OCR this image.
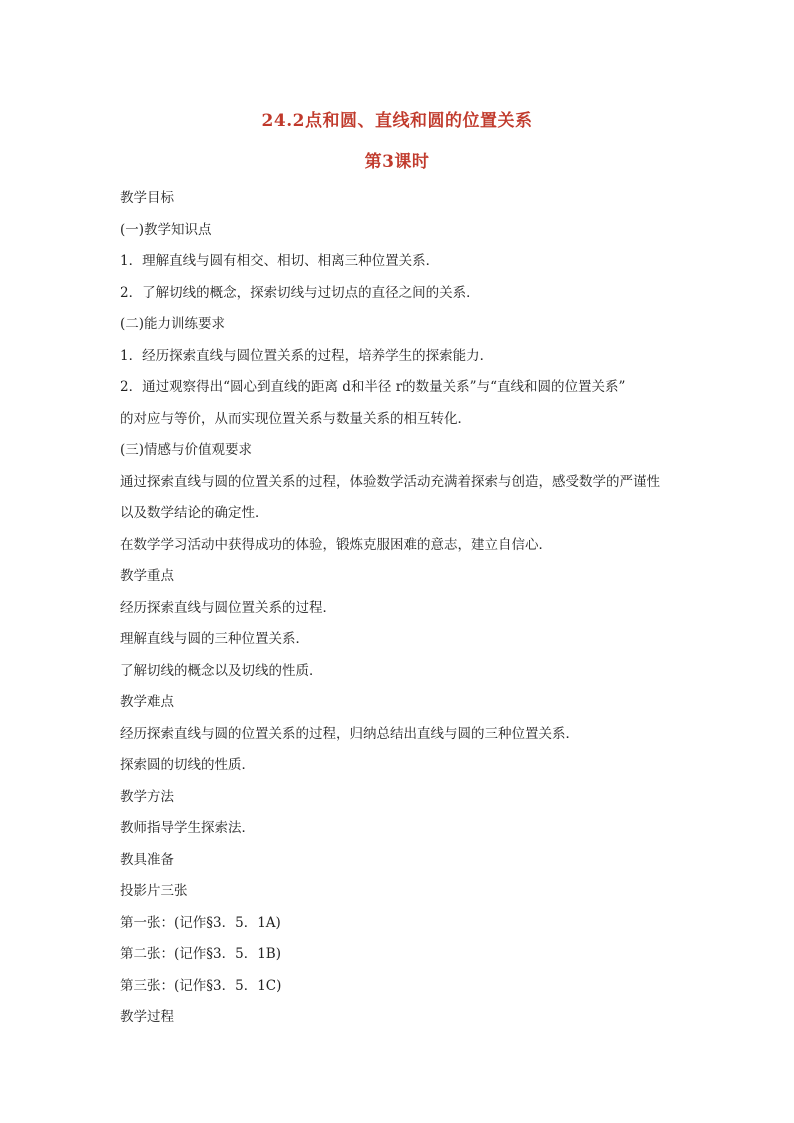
24.2点和圆、直线和圆的位置关系
第3课时
教学目标
(一)教学知识点
1．理解直线与圆有相交、相切、相离三种位置关系．
2．了解切线的概念，探索切线与过切点的直径之间的关系．
(二)能力训练要求
1．经历探索直线与圆位置关系的过程，培养学生的探索能力．
2．通过观察得出“圆心到直线的距离 d和半径 r的数量关系”与“直线和圆的位置关系”
的对应与等价，从而实现位置关系与数量关系的相互转化．
(三)情感与价值观要求
通过探索直线与圆的位置关系的过程，体验数学活动充满着探索与创造，感受数学的严谨性
以及数学结论的确定性．
在数学学习活动中获得成功的体验，锻炼克服困难的意志，建立自信心．
教学重点
经历探索直线与圆位置关系的过程．
理解直线与圆的三种位置关系．
了解切线的概念以及切线的性质．
教学难点
经历探索直线与圆的位置关系的过程，归纳总结出直线与圆的三种位置关系．
探索圆的切线的性质．
教学方法
教师指导学生探索法．
教具准备
投影片三张
第一张：(记作§3．5．1A)
第二张：(记作§3．5．1B)
第三张：(记作§3．5．1C)
教学过程
